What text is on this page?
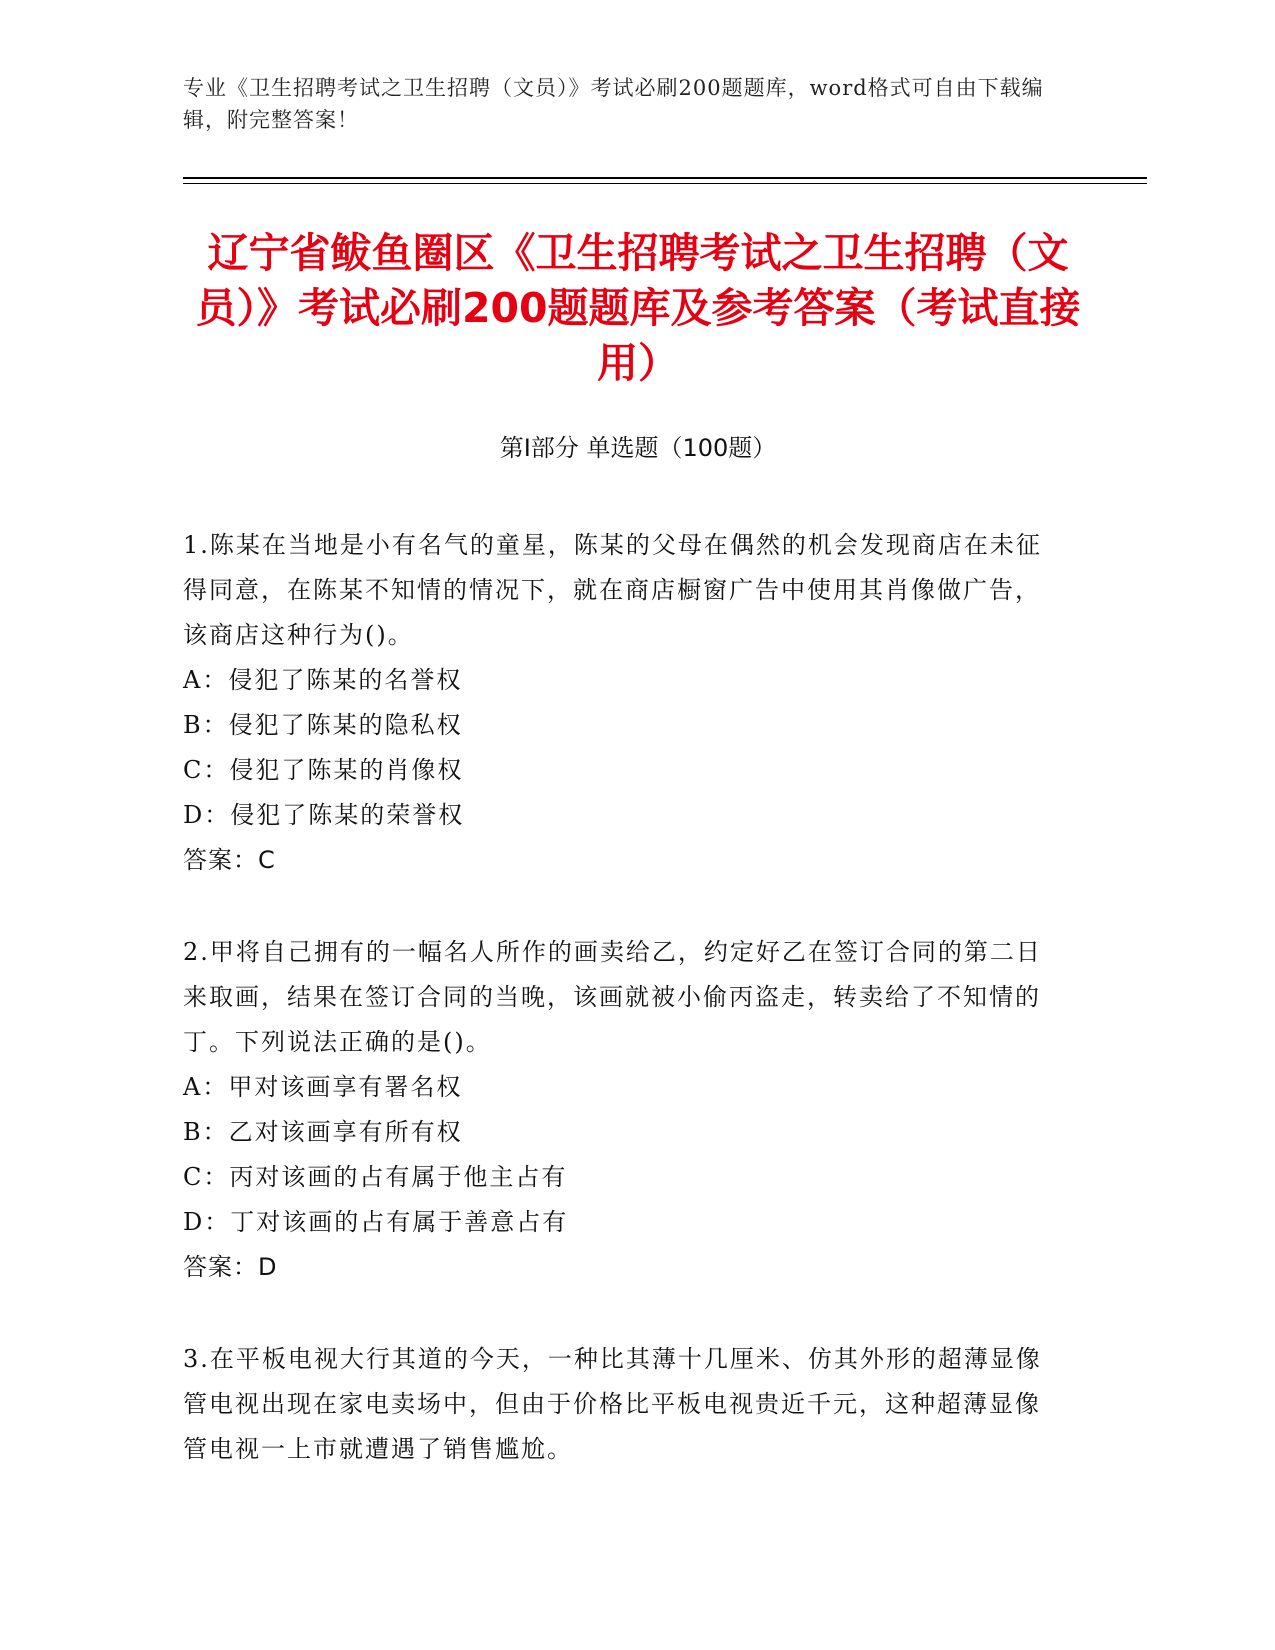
专业《卫生招聘考试之卫生招聘（文员）》考试必刷200题题库，word格式可自由下载编辑，附完整答案！
辽宁省鲅鱼圈区《卫生招聘考试之卫生招聘（文员）》考试必刷200题题库及参考答案（考试直接用）
第Ⅰ部分 单选题（100题）

1.陈某在当地是小有名气的童星，陈某的父母在偶然的机会发现商店在未征得同意，在陈某不知情的情况下，就在商店橱窗广告中使用其肖像做广告，该商店这种行为()。

A：侵犯了陈某的名誉权

B：侵犯了陈某的隐私权

C：侵犯了陈某的肖像权

D：侵犯了陈某的荣誉权

答案：C

2.甲将自己拥有的一幅名人所作的画卖给乙，约定好乙在签订合同的第二日来取画，结果在签订合同的当晚，该画就被小偷丙盗走，转卖给了不知情的丁。下列说法正确的是()。

A：甲对该画享有署名权

B：乙对该画享有所有权

C：丙对该画的占有属于他主占有

D：丁对该画的占有属于善意占有

答案：D

3.在平板电视大行其道的今天，一种比其薄十几厘米、仿其外形的超薄显像管电视出现在家电卖场中，但由于价格比平板电视贵近千元，这种超薄显像管电视一上市就遭遇了销售尴尬。
